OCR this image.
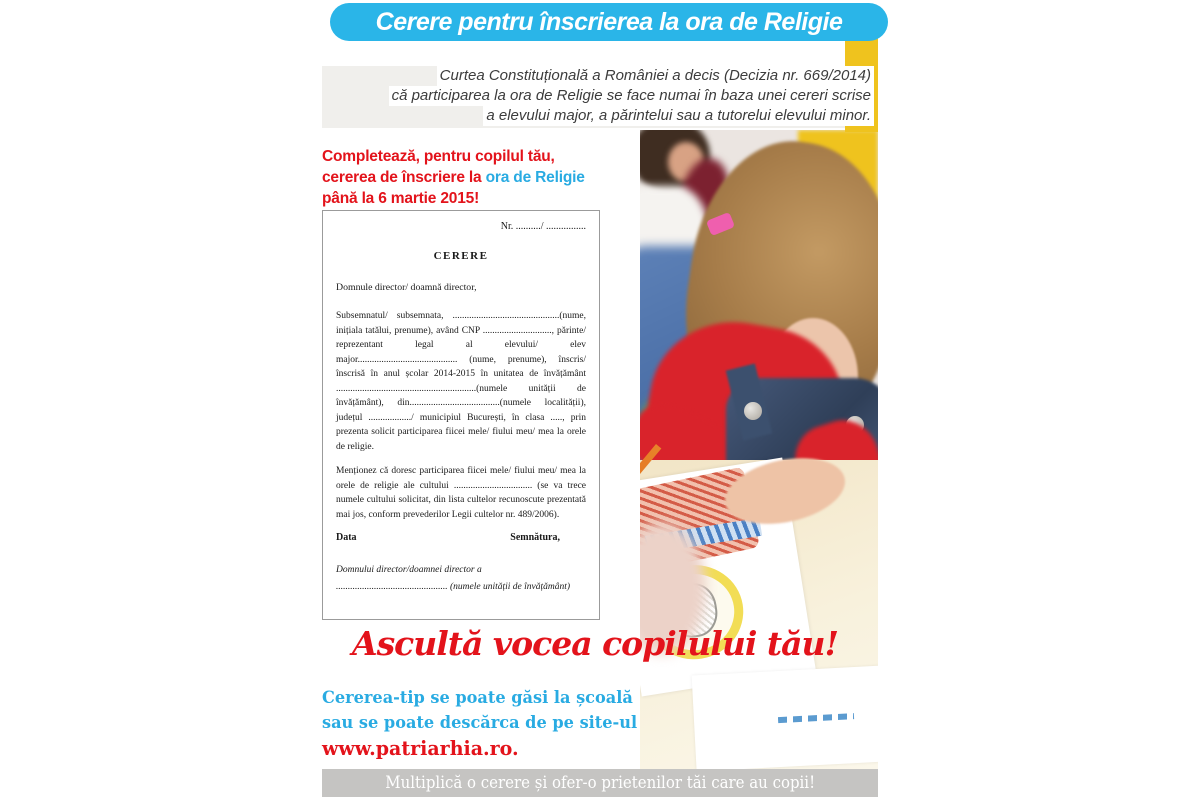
Cerere pentru înscrierea la ora de Religie
Curtea Constituțională a României a decis (Decizia nr. 669/2014)
că participarea la ora de Religie se face numai în baza unei cereri scrise
a elevului major, a părintelui sau a tutorelui elevului minor.
Completează, pentru copilul tău,
cererea de înscriere la ora de Religie
până la 6 martie 2015!
Nr. ........../ ................
CERERE
Domnule director/ doamnă director,

Subsemnatul/ subsemnata, .............................................(nume, inițiala tatălui, prenume), având CNP ............................., părinte/ reprezentant legal al elevului/ elev major.......................................... (nume, prenume), înscris/ înscrisă în anul școlar 2014-2015 în unitatea de învățământ ...........................................................(numele unității de învățământ), din......................................(numele localității), județul ................../ municipiul București, în clasa ....., prin prezenta solicit participarea fiicei mele/ fiului meu/ mea la orele de religie.

Menționez că doresc participarea fiicei mele/ fiului meu/ mea la orele de religie ale cultului ................................. (se va trece numele cultului solicitat, din lista cultelor recunoscute prezentată mai jos, conform prevederilor Legii cultelor nr. 489/2006).

Data	Semnătura,
Domnului director/doamnei director a
............................................... (numele unității de învățământ)
Ascultă vocea copilului tău!
Cererea-tip se poate găsi la școală
sau se poate descărca de pe site-ul
www.patriarhia.ro.
Multiplică o cerere și ofer-o prietenilor tăi care au copii!
